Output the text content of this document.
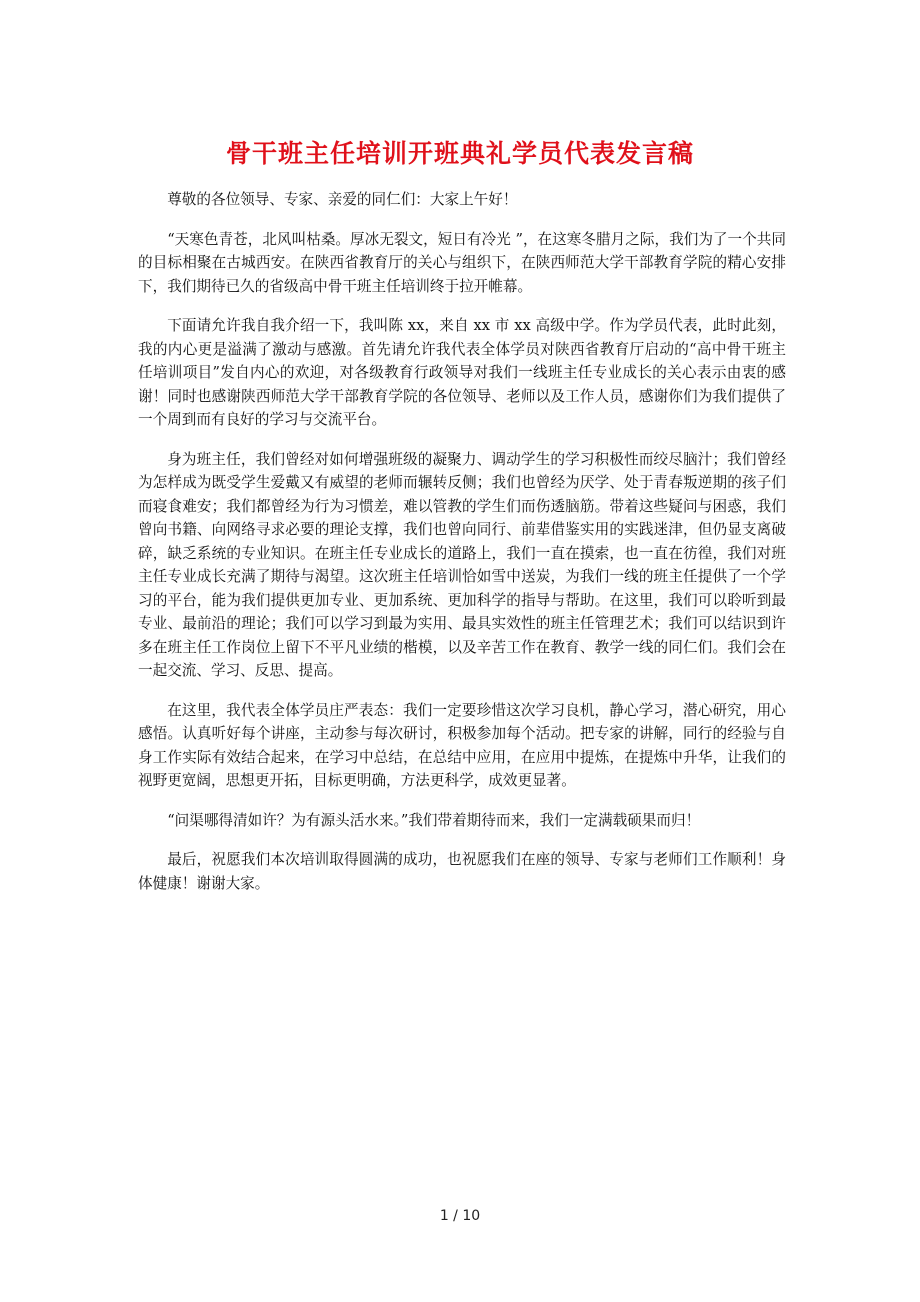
骨干班主任培训开班典礼学员代表发言稿

尊敬的各位领导、专家、亲爱的同仁们：大家上午好！

“天寒色青苍，北风叫枯桑。厚冰无裂文，短日有冷光 ”，在这寒冬腊月之际，我们为了一个共同的目标相聚在古城西安。在陕西省教育厅的关心与组织下，在陕西师范大学干部教育学院的精心安排下，我们期待已久的省级高中骨干班主任培训终于拉开帷幕。

下面请允许我自我介绍一下，我叫陈 xx，来自 xx 市 xx 高级中学。作为学员代表，此时此刻，我的内心更是溢满了激动与感激。首先请允许我代表全体学员对陕西省教育厅启动的“高中骨干班主任培训项目”发自内心的欢迎，对各级教育行政领导对我们一线班主任专业成长的关心表示由衷的感谢！同时也感谢陕西师范大学干部教育学院的各位领导、老师以及工作人员，感谢你们为我们提供了一个周到而有良好的学习与交流平台。

身为班主任，我们曾经对如何增强班级的凝聚力、调动学生的学习积极性而绞尽脑汁；我们曾经为怎样成为既受学生爱戴又有威望的老师而辗转反侧；我们也曾经为厌学、处于青春叛逆期的孩子们而寝食难安；我们都曾经为行为习惯差，难以管教的学生们而伤透脑筋。带着这些疑问与困惑，我们曾向书籍、向网络寻求必要的理论支撑，我们也曾向同行、前辈借鉴实用的实践迷津，但仍显支离破碎，缺乏系统的专业知识。在班主任专业成长的道路上，我们一直在摸索，也一直在彷徨，我们对班主任专业成长充满了期待与渴望。这次班主任培训恰如雪中送炭，为我们一线的班主任提供了一个学习的平台，能为我们提供更加专业、更加系统、更加科学的指导与帮助。在这里，我们可以聆听到最专业、最前沿的理论；我们可以学习到最为实用、最具实效性的班主任管理艺术；我们可以结识到许多在班主任工作岗位上留下不平凡业绩的楷模，以及辛苦工作在教育、教学一线的同仁们。我们会在一起交流、学习、反思、提高。

在这里，我代表全体学员庄严表态：我们一定要珍惜这次学习良机，静心学习，潜心研究，用心感悟。认真听好每个讲座，主动参与每次研讨，积极参加每个活动。把专家的讲解，同行的经验与自身工作实际有效结合起来，在学习中总结，在总结中应用，在应用中提炼，在提炼中升华，让我们的视野更宽阔，思想更开拓，目标更明确，方法更科学，成效更显著。

“问渠哪得清如许？为有源头活水来。”我们带着期待而来，我们一定满载硕果而归！

最后，祝愿我们本次培训取得圆满的成功，也祝愿我们在座的领导、专家与老师们工作顺利！身体健康！谢谢大家。

1 / 10
